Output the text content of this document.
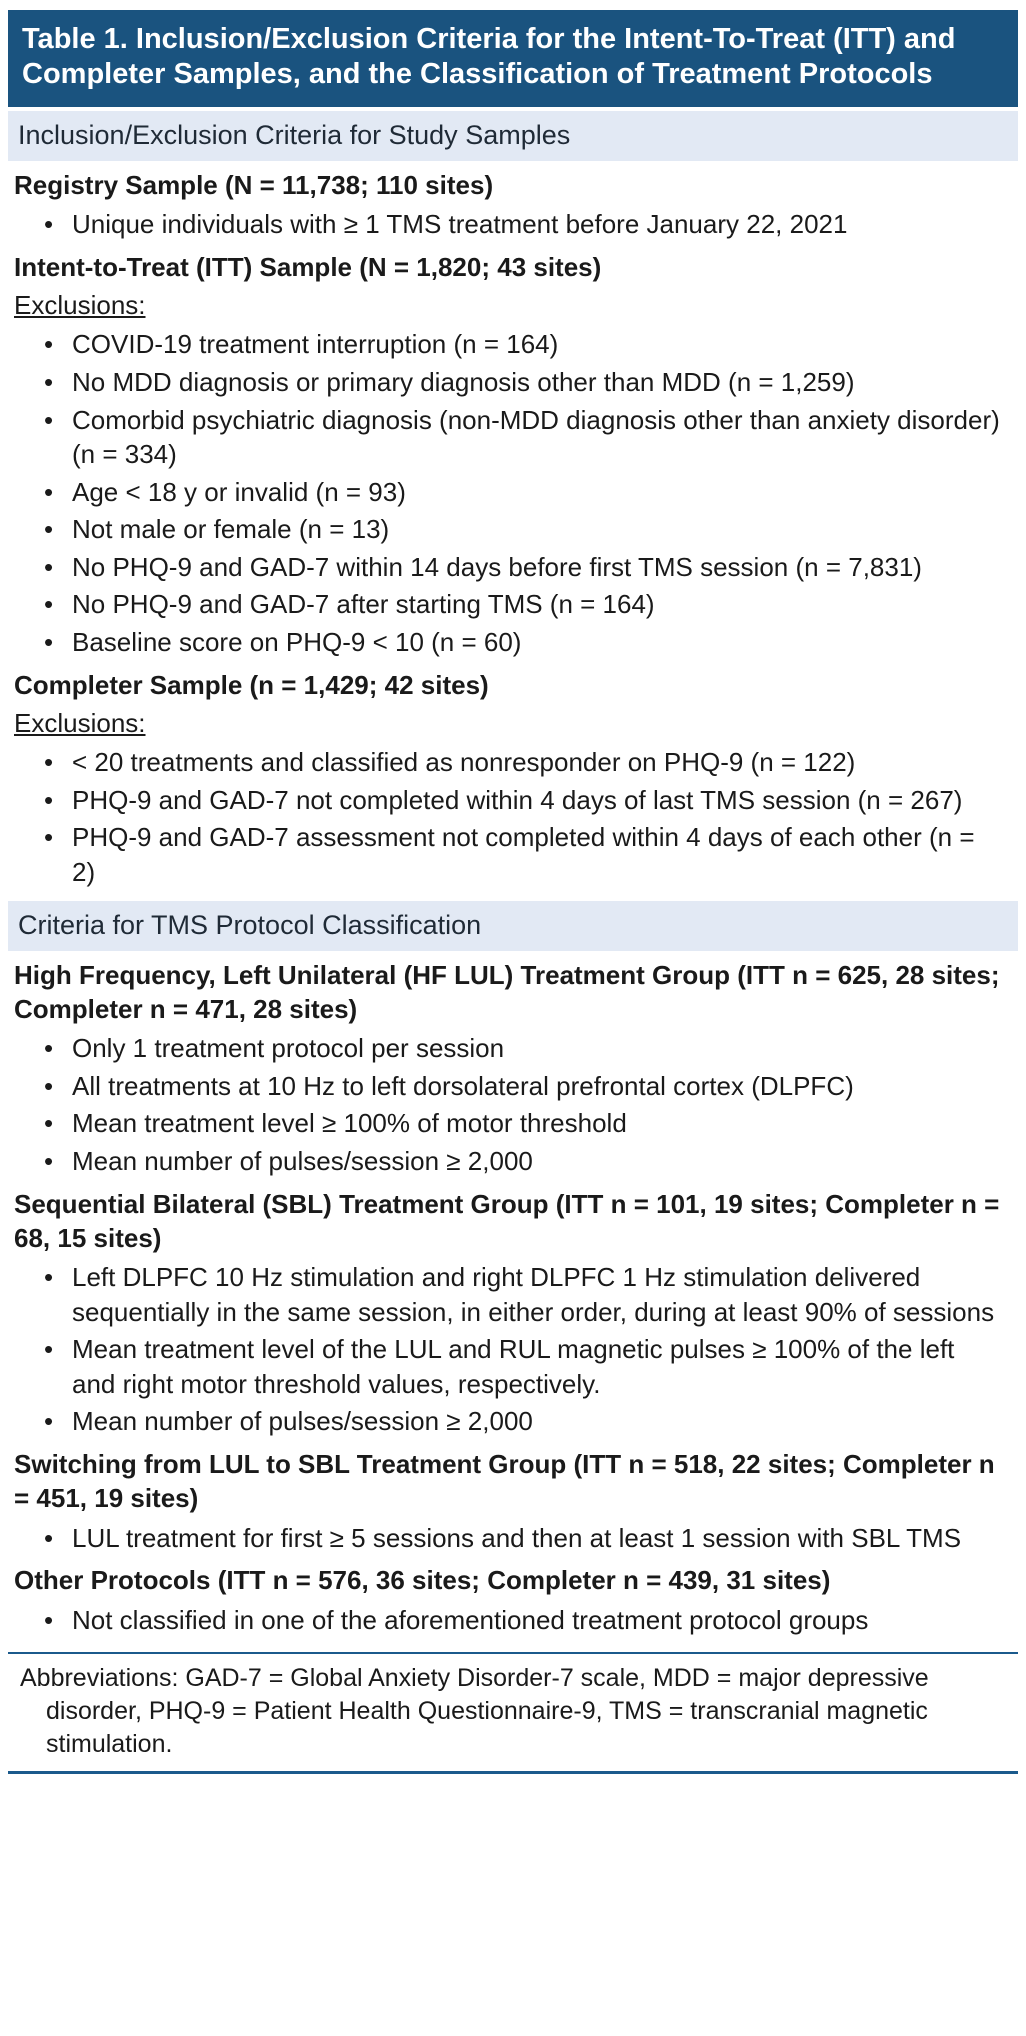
Table 1. Inclusion/Exclusion Criteria for the Intent-To-Treat (ITT) and Completer Samples, and the Classification of Treatment Protocols
Inclusion/Exclusion Criteria for Study Samples
Registry Sample (N = 11,738; 110 sites)
• Unique individuals with ≥ 1 TMS treatment before January 22, 2021
Intent-to-Treat (ITT) Sample (N = 1,820; 43 sites)
Exclusions:
• COVID-19 treatment interruption (n = 164)
• No MDD diagnosis or primary diagnosis other than MDD (n = 1,259)
• Comorbid psychiatric diagnosis (non-MDD diagnosis other than anxiety disorder) (n = 334)
• Age < 18 y or invalid (n = 93)
• Not male or female (n = 13)
• No PHQ-9 and GAD-7 within 14 days before first TMS session (n = 7,831)
• No PHQ-9 and GAD-7 after starting TMS (n = 164)
• Baseline score on PHQ-9 < 10 (n = 60)
Completer Sample (n = 1,429; 42 sites)
Exclusions:
• < 20 treatments and classified as nonresponder on PHQ-9 (n = 122)
• PHQ-9 and GAD-7 not completed within 4 days of last TMS session (n = 267)
• PHQ-9 and GAD-7 assessment not completed within 4 days of each other (n = 2)
Criteria for TMS Protocol Classification
High Frequency, Left Unilateral (HF LUL) Treatment Group (ITT n = 625, 28 sites; Completer n = 471, 28 sites)
• Only 1 treatment protocol per session
• All treatments at 10 Hz to left dorsolateral prefrontal cortex (DLPFC)
• Mean treatment level ≥ 100% of motor threshold
• Mean number of pulses/session ≥ 2,000
Sequential Bilateral (SBL) Treatment Group (ITT n = 101, 19 sites; Completer n = 68, 15 sites)
• Left DLPFC 10 Hz stimulation and right DLPFC 1 Hz stimulation delivered sequentially in the same session, in either order, during at least 90% of sessions
• Mean treatment level of the LUL and RUL magnetic pulses ≥ 100% of the left and right motor threshold values, respectively.
• Mean number of pulses/session ≥ 2,000
Switching from LUL to SBL Treatment Group (ITT n = 518, 22 sites; Completer n = 451, 19 sites)
• LUL treatment for first ≥ 5 sessions and then at least 1 session with SBL TMS
Other Protocols (ITT n = 576, 36 sites; Completer n = 439, 31 sites)
• Not classified in one of the aforementioned treatment protocol groups
Abbreviations: GAD-7 = Global Anxiety Disorder-7 scale, MDD = major depressive disorder, PHQ-9 = Patient Health Questionnaire-9, TMS = transcranial magnetic stimulation.
